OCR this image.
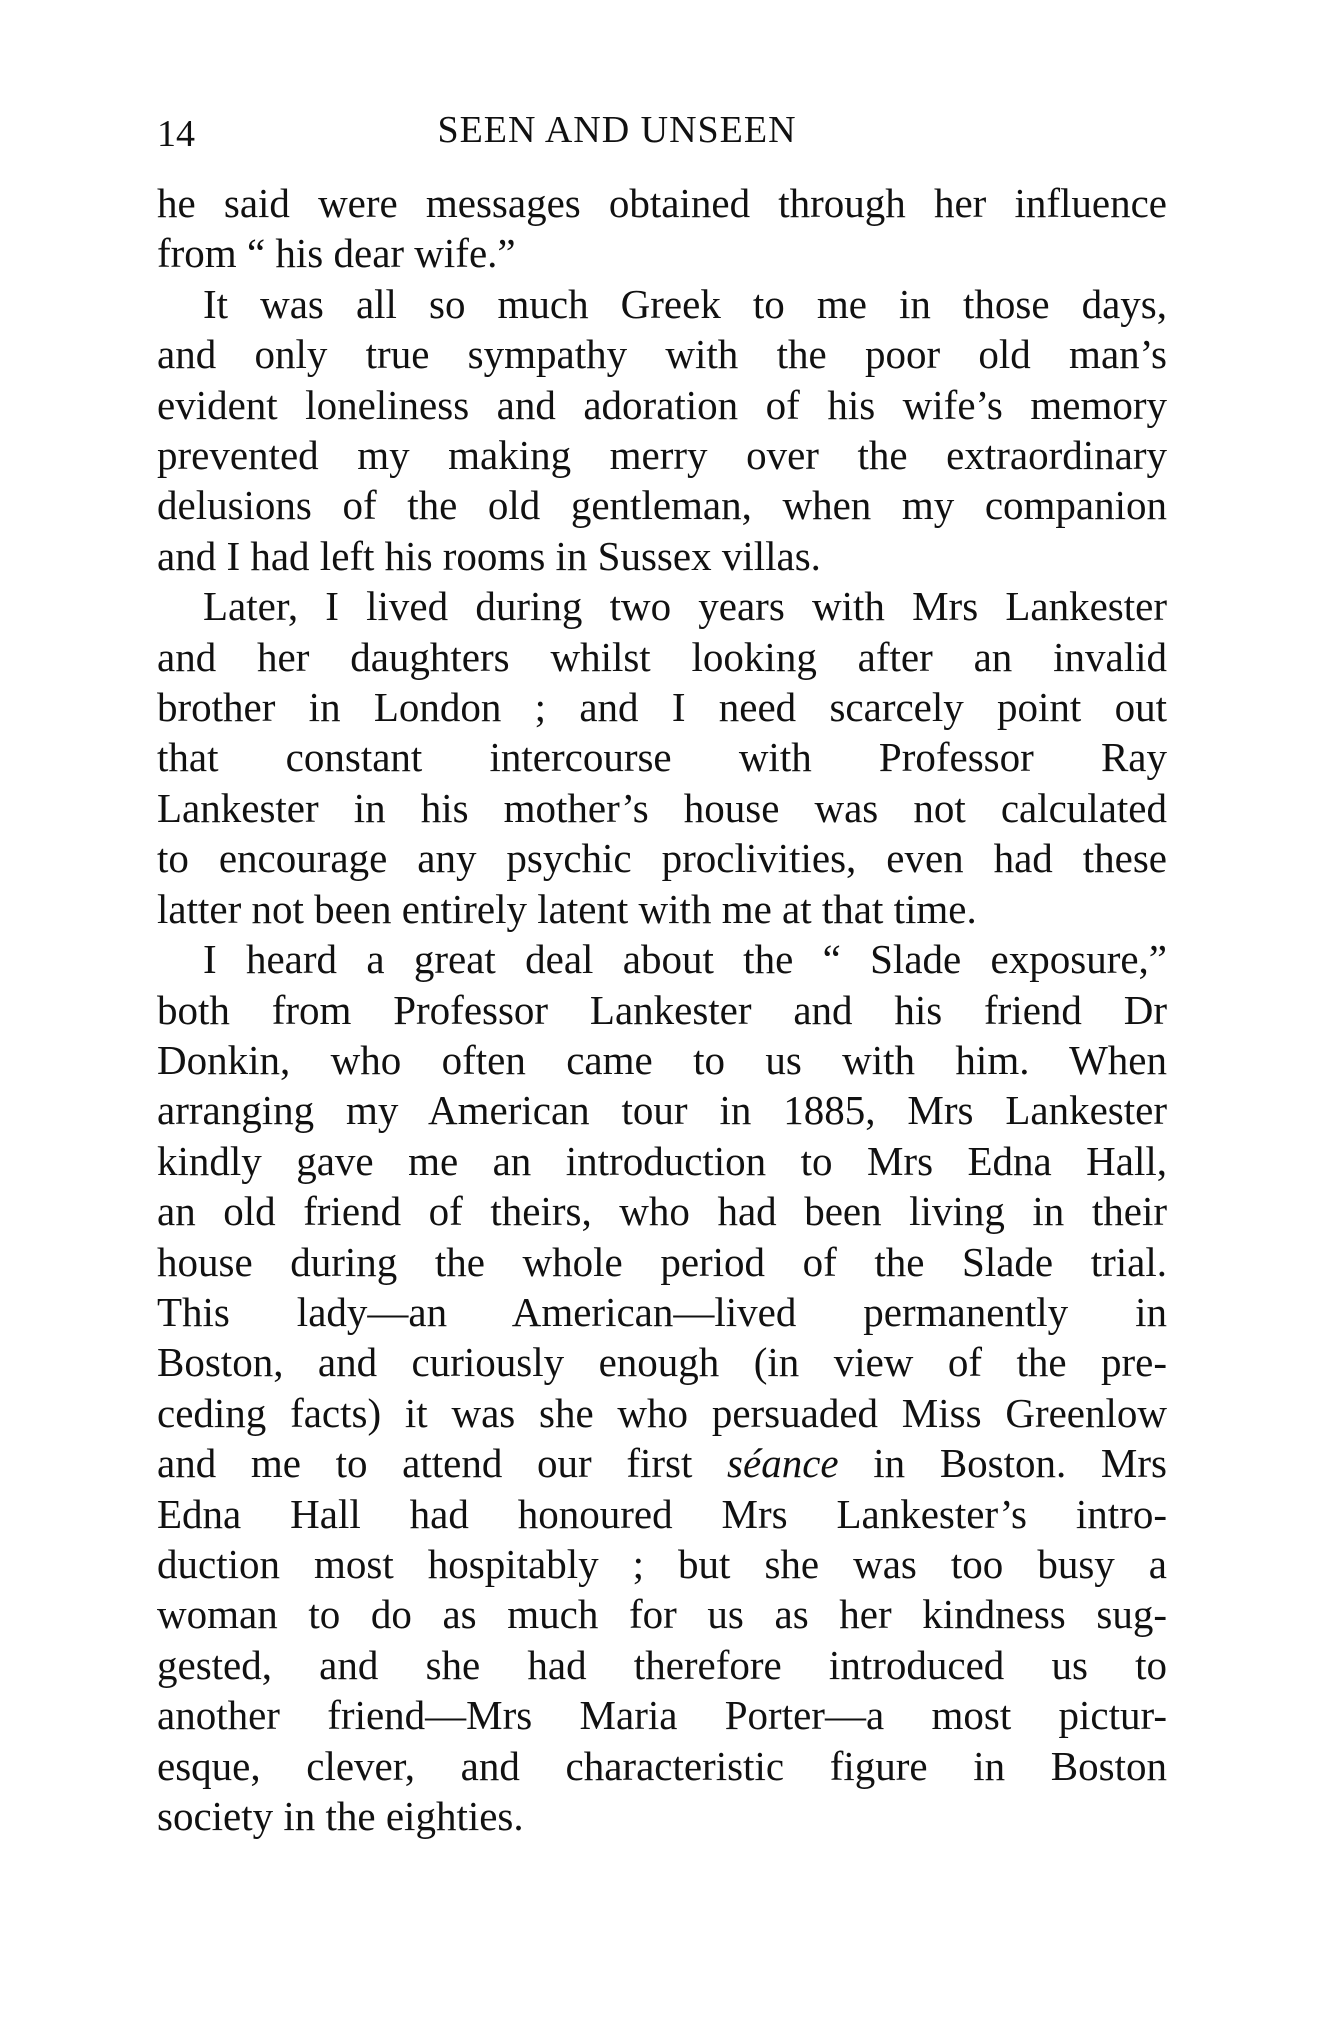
14	SEEN AND UNSEEN
he said were messages obtained through her influence
from “ his dear wife.”
It was all so much Greek to me in those days,
and only true sympathy with the poor old man’s
evident loneliness and adoration of his wife’s memory
prevented my making merry over the extraordinary
delusions of the old gentleman, when my companion
and I had left his rooms in Sussex villas.
Later, I lived during two years with Mrs Lankester
and her daughters whilst looking after an invalid
brother in London ; and I need scarcely point out
that constant intercourse with Professor Ray
Lankester in his mother’s house was not calculated
to encourage any psychic proclivities, even had these
latter not been entirely latent with me at that time.
I heard a great deal about the “ Slade exposure,”
both from Professor Lankester and his friend Dr
Donkin, who often came to us with him. When
arranging my American tour in 1885, Mrs Lankester
kindly gave me an introduction to Mrs Edna Hall,
an old friend of theirs, who had been living in their
house during the whole period of the Slade trial.
This lady—an American—lived permanently in
Boston, and curiously enough (in view of the pre-
ceding facts) it was she who persuaded Miss Greenlow
and me to attend our first séance in Boston. Mrs
Edna Hall had honoured Mrs Lankester’s intro-
duction most hospitably ; but she was too busy a
woman to do as much for us as her kindness sug-
gested, and she had therefore introduced us to
another friend—Mrs Maria Porter—a most pictur-
esque, clever, and characteristic figure in Boston
society in the eighties.
